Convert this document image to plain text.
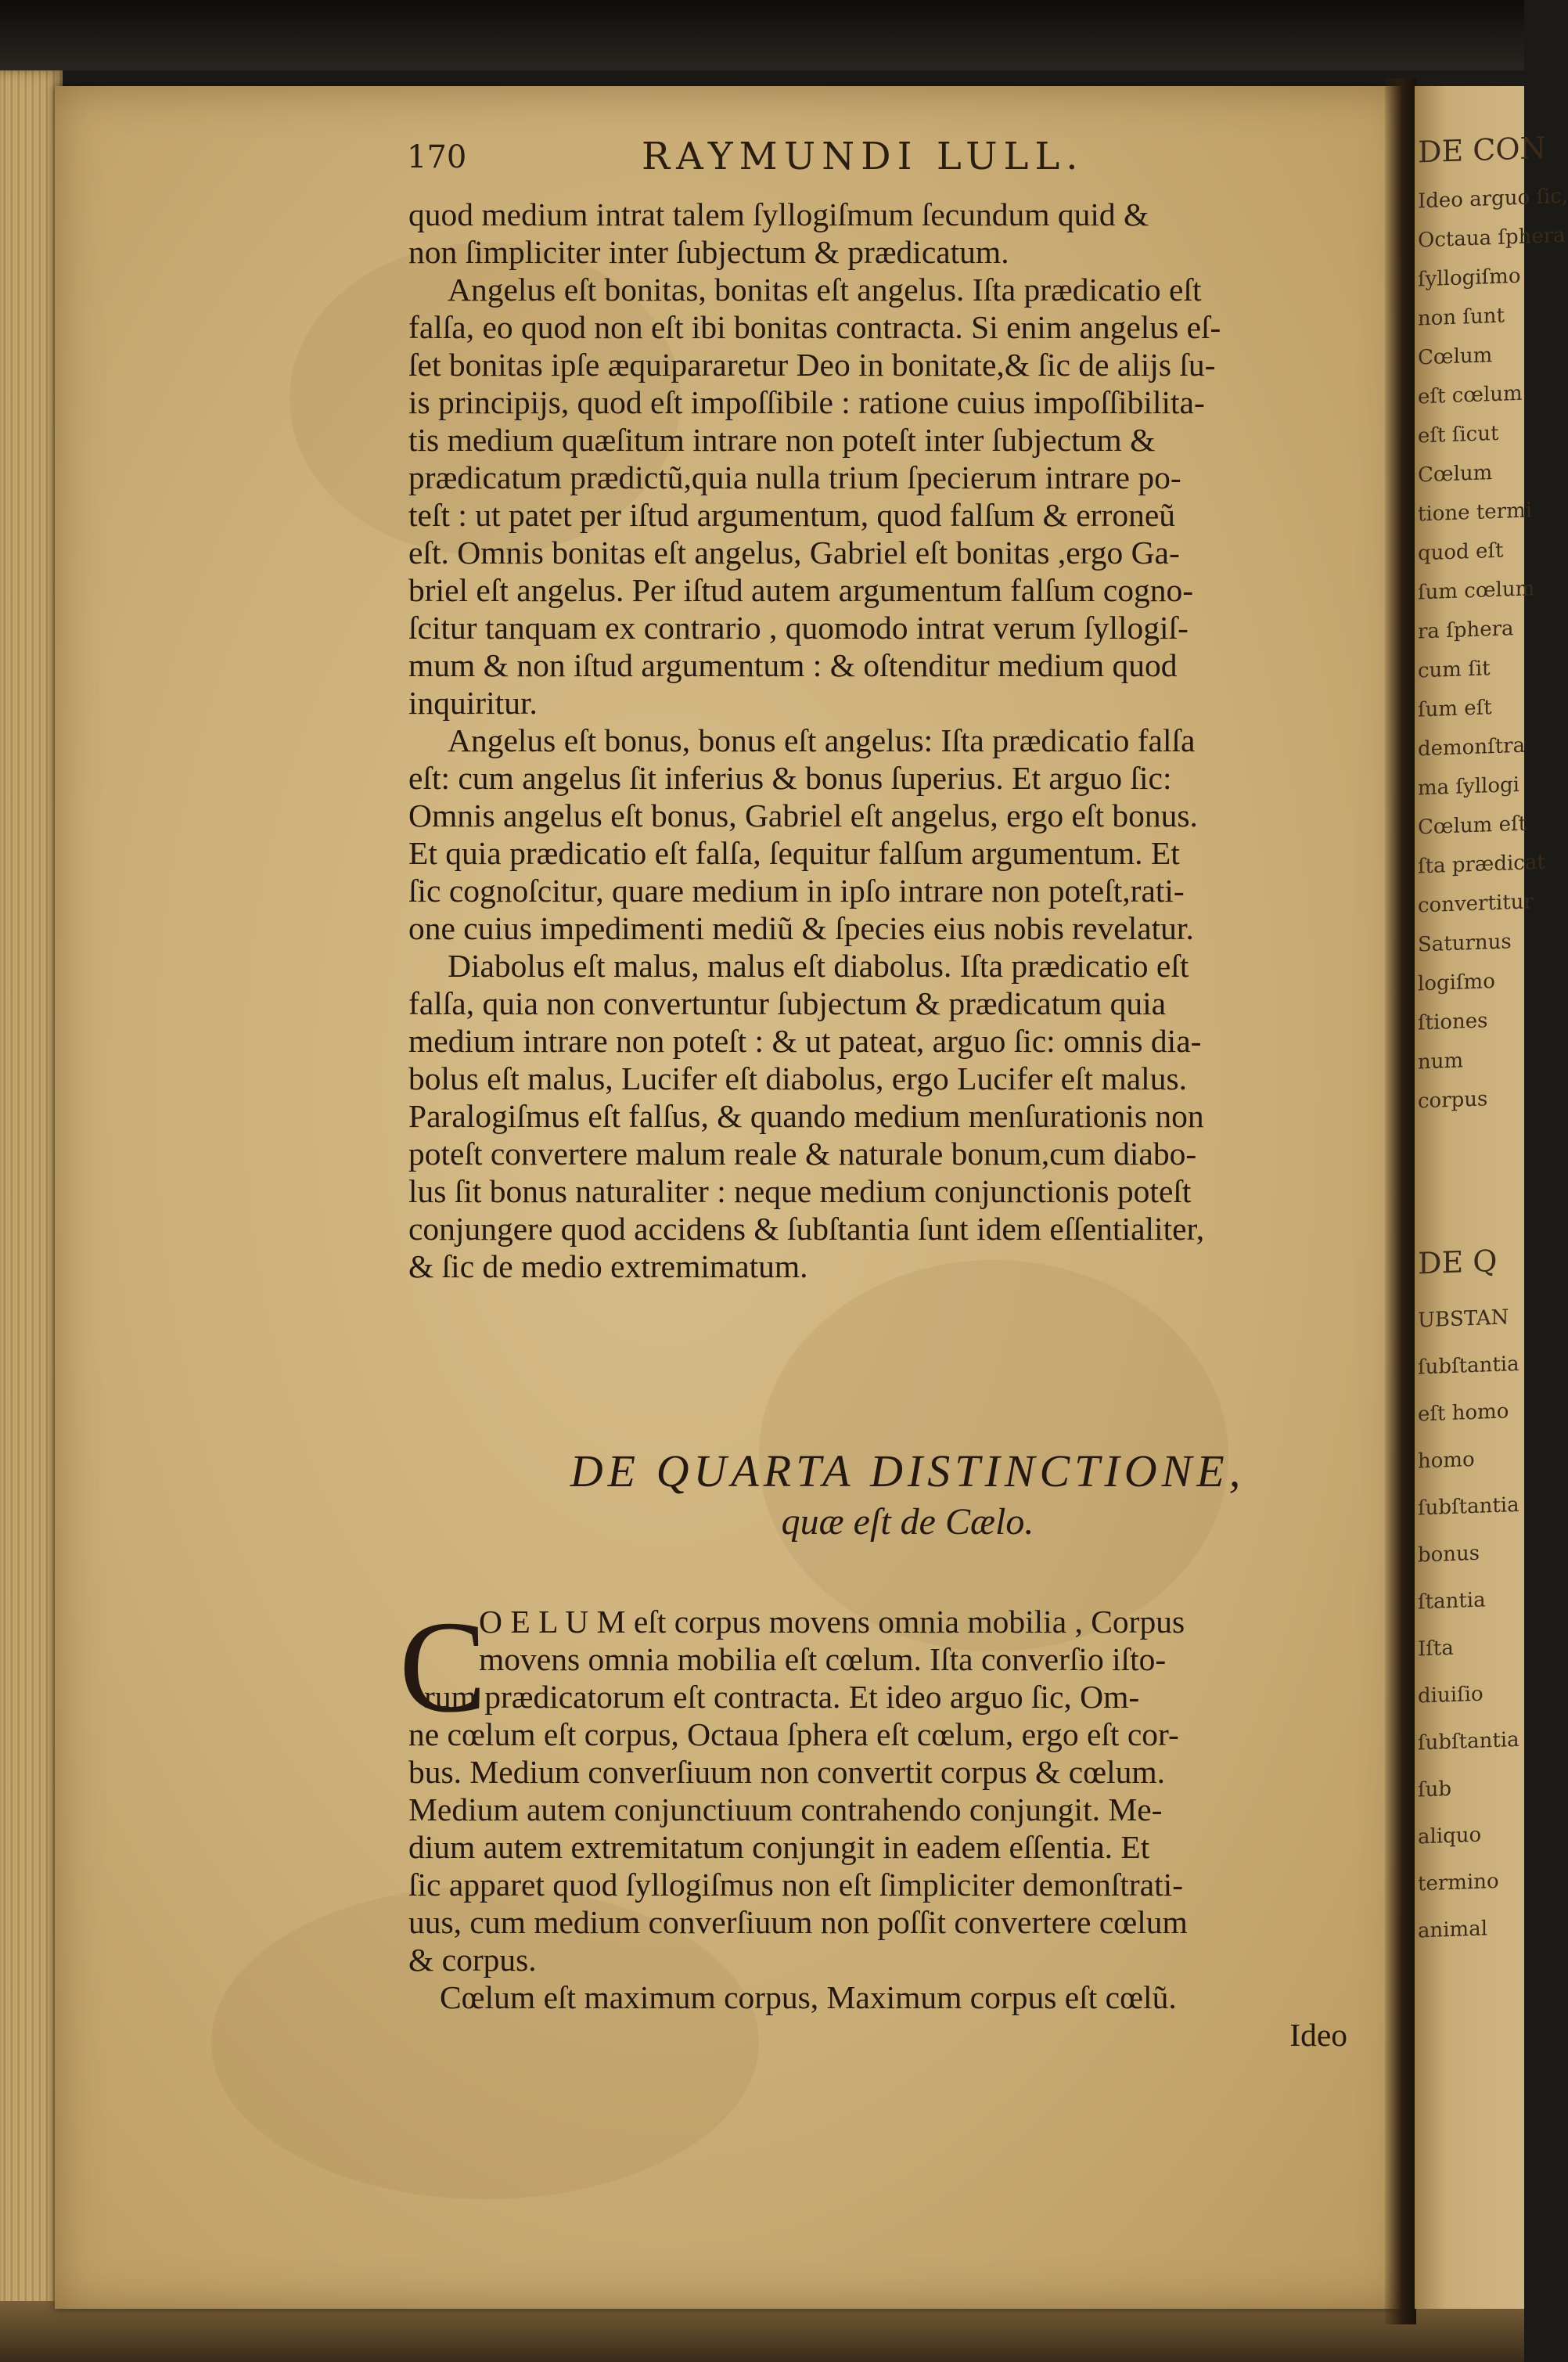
DE CON
Ideo arguo ſic,
Octaua ſphera
ſyllogiſmo
non ſunt
Cœlum
eſt cœlum
eſt ſicut
Cœlum
tione termi
quod eſt
ſum cœlum
ra ſphera
cum ſit
ſum eſt
demonſtra
ma ſyllogi
Cœlum eſt
ſta prædicat
convertitur
Saturnus
logiſmo
ſtiones
num
corpus
DE Q
UBSTAN
ſubſtantia
eſt homo
homo
ſubſtantia
bonus
ſtantia
Iſta
diuiſio
ſubſtantia
ſub
aliquo
termino
animal
170	RAYMUNDI LULL.
quod medium intrat talem ſyllogiſmum ſecundum quid &
non ſimpliciter inter ſubjectum & prædicatum.
Angelus eſt bonitas, bonitas eſt angelus. Iſta prædicatio eſt
falſa, eo quod non eſt ibi bonitas contracta. Si enim angelus eſ-
ſet bonitas ipſe æquipararetur Deo in bonitate,& ſic de alijs ſu-
is principijs, quod eſt impoſſibile : ratione cuius impoſſibilita-
tis medium quæſitum intrare non poteſt inter ſubjectum &
prædicatum prædictũ,quia nulla trium ſpecierum intrare po-
teſt : ut patet per iſtud argumentum, quod falſum & erroneũ
eſt. Omnis bonitas eſt angelus, Gabriel eſt bonitas ,ergo Ga-
briel eſt angelus. Per iſtud autem argumentum falſum cogno-
ſcitur tanquam ex contrario , quomodo intrat verum ſyllogiſ-
mum & non iſtud argumentum : & oſtenditur medium quod
inquiritur.
Angelus eſt bonus, bonus eſt angelus: Iſta prædicatio falſa
eſt: cum angelus ſit inferius & bonus ſuperius. Et arguo ſic:
Omnis angelus eſt bonus, Gabriel eſt angelus, ergo eſt bonus.
Et quia prædicatio eſt falſa, ſequitur falſum argumentum. Et
ſic cognoſcitur, quare medium in ipſo intrare non poteſt,rati-
one cuius impedimenti mediũ & ſpecies eius nobis revelatur.
Diabolus eſt malus, malus eſt diabolus. Iſta prædicatio eſt
falſa, quia non convertuntur ſubjectum & prædicatum quia
medium intrare non poteſt : & ut pateat, arguo ſic: omnis dia-
bolus eſt malus, Lucifer eſt diabolus, ergo Lucifer eſt malus.
Paralogiſmus eſt falſus, & quando medium menſurationis non
poteſt convertere malum reale & naturale bonum,cum diabo-
lus ſit bonus naturaliter : neque medium conjunctionis poteſt
conjungere quod accidens & ſubſtantia ſunt idem eſſentialiter,
& ſic de medio extremimatum.
DE QUARTA DISTINCTIONE,
quæ eſt de Cælo.
C
O E L U M eſt corpus movens omnia mobilia , Corpus
movens omnia mobilia eſt cœlum. Iſta converſio iſto-
rum prædicatorum eſt contracta. Et ideo arguo ſic, Om-
ne cœlum eſt corpus, Octaua ſphera eſt cœlum, ergo eſt cor-
bus. Medium converſiuum non convertit corpus & cœlum.
Medium autem conjunctiuum contrahendo conjungit. Me-
dium autem extremitatum conjungit in eadem eſſentia. Et
ſic apparet quod ſyllogiſmus non eſt ſimpliciter demonſtrati-
uus, cum medium converſiuum non poſſit convertere cœlum
& corpus.
Cœlum eſt maximum corpus, Maximum corpus eſt cœlũ.
Ideo
